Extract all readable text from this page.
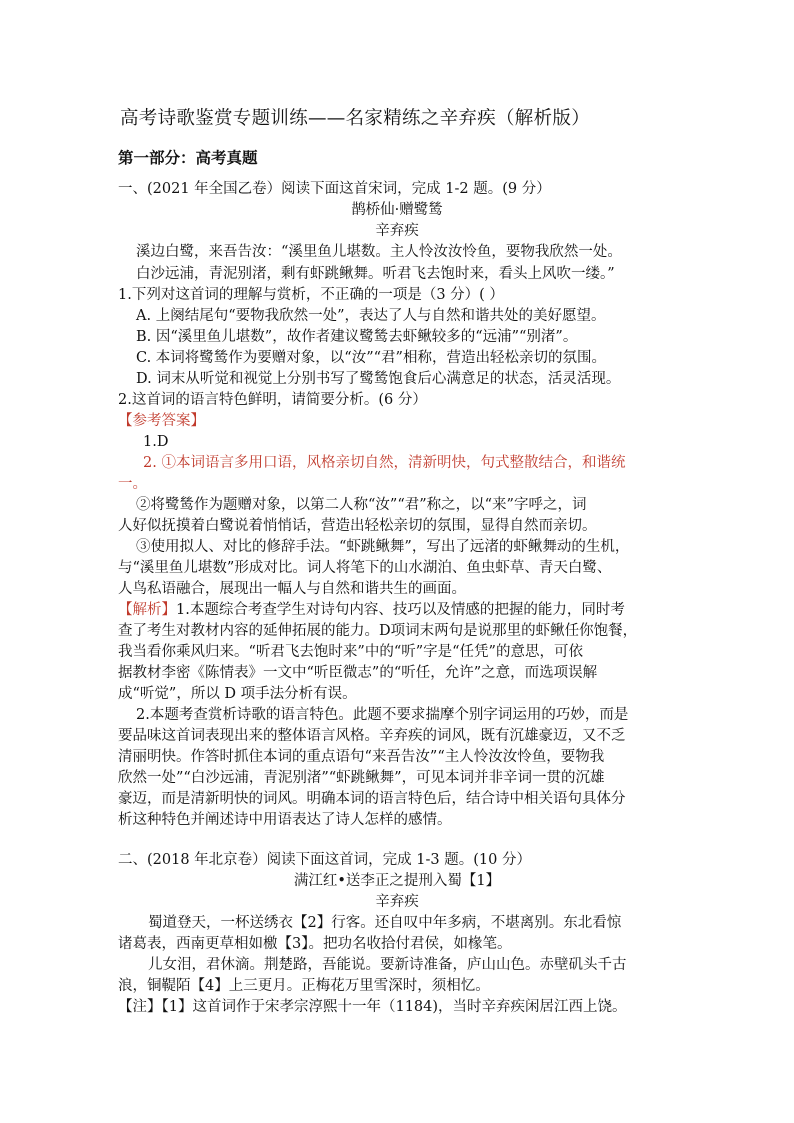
高考诗歌鉴赏专题训练——名家精练之辛弃疾（解析版）
第一部分：高考真题
一、(2021 年全国乙卷）阅读下面这首宋词，完成 1-2 题。(9 分）
鹊桥仙·赠鹭鸶
辛弃疾
溪边白鹭，来吾告汝：“溪里鱼儿堪数。主人怜汝汝怜鱼，要物我欣然一处。
白沙远浦，青泥别渚，剩有虾跳鳅舞。听君飞去饱时来，看头上风吹一缕。”
1.下列对这首词的理解与赏析，不正确的一项是（3 分）( ）
A. 上阕结尾句“要物我欣然一处”，表达了人与自然和谐共处的美好愿望。
B. 因“溪里鱼儿堪数”，故作者建议鹭鸶去虾鳅较多的“远浦”“别渚”。
C. 本词将鹭鸶作为要赠对象，以“汝”“君”相称，营造出轻松亲切的氛围。
D. 词末从听觉和视觉上分别书写了鹭鸶饱食后心满意足的状态，活灵活现。
2.这首词的语言特色鲜明，请简要分析。(6 分）
【参考答案】
1.D
2. ①本词语言多用口语，风格亲切自然，清新明快，句式整散结合，和谐统
一。
②将鹭鸶作为题赠对象，以第二人称“汝”“君”称之，以“来”字呼之，词
人好似抚摸着白鹭说着悄悄话，营造出轻松亲切的氛围，显得自然而亲切。
③使用拟人、对比的修辞手法。“虾跳鳅舞”，写出了远渚的虾鳅舞动的生机，
与“溪里鱼儿堪数”形成对比。词人将笔下的山水湖泊、鱼虫虾草、青天白鹭、
人鸟私语融合，展现出一幅人与自然和谐共生的画面。
【解析】1.本题综合考查学生对诗句内容、技巧以及情感的把握的能力，同时考
查了考生对教材内容的延伸拓展的能力。D项词末两句是说那里的虾鳅任你饱餐，
我当看你乘风归来。“听君飞去饱时来”中的“听”字是“任凭”的意思，可依
据教材李密《陈情表》一文中“听臣微志”的“听任，允许”之意，而选项误解
成“听觉”，所以 D 项手法分析有误。
2.本题考查赏析诗歌的语言特色。此题不要求揣摩个别字词运用的巧妙，而是
要品味这首词表现出来的整体语言风格。辛弃疾的词风，既有沉雄豪迈，又不乏
清丽明快。作答时抓住本词的重点语句“来吾告汝”“主人怜汝汝怜鱼，要物我
欣然一处”“白沙远浦，青泥别渚”“虾跳鳅舞”，可见本词并非辛词一贯的沉雄
豪迈，而是清新明快的词风。明确本词的语言特色后，结合诗中相关语句具体分
析这种特色并阐述诗中用语表达了诗人怎样的感情。
二、(2018 年北京卷）阅读下面这首词，完成 1-3 题。(10 分）
满江红•送李正之提刑入蜀【1】
辛弃疾
蜀道登天，一杯送绣衣【2】行客。还自叹中年多病，不堪离别。东北看惊
诸葛表，西南更草相如檄【3】。把功名收拾付君侯，如椽笔。
儿女泪，君休滴。荆楚路，吾能说。要新诗准备，庐山山色。赤壁矶头千古
浪，铜鞮陌【4】上三更月。正梅花万里雪深时，须相忆。
【注】【1】这首词作于宋孝宗淳熙十一年（1184)，当时辛弃疾闲居江西上饶。
